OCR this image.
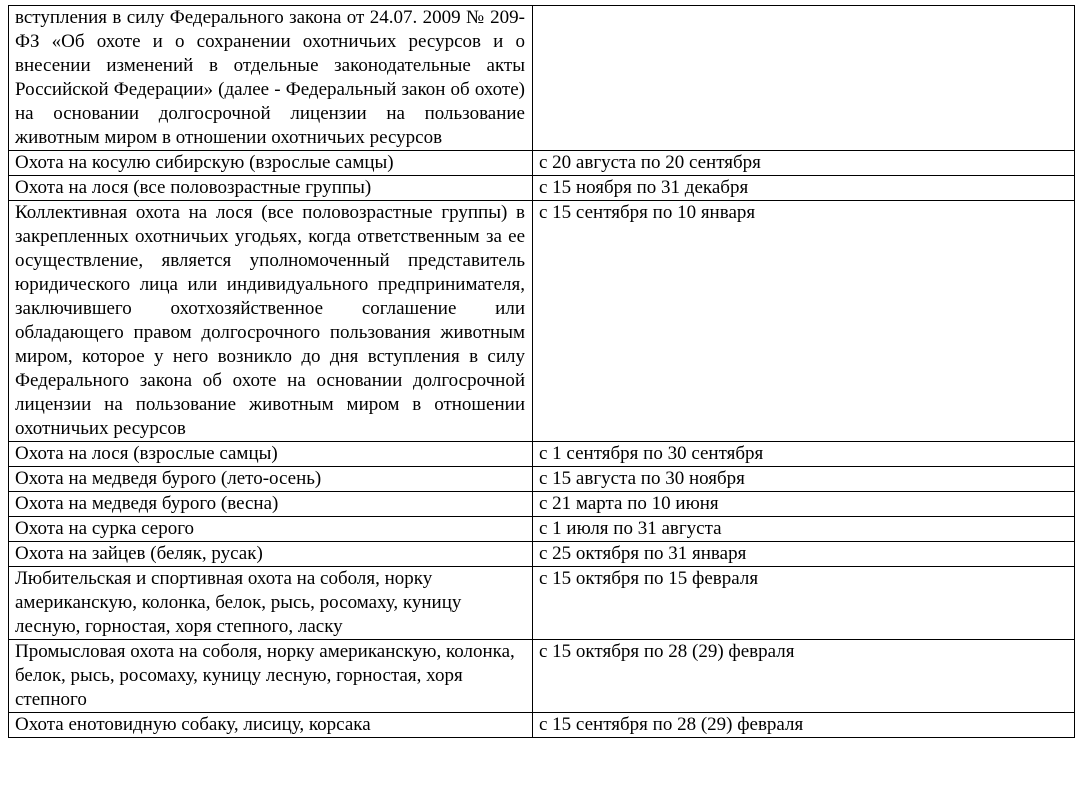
вступления в силу Федерального закона от 24.07. 2009 № 209-ФЗ «Об охоте и о сохранении охотничьих ресурсов и о внесении изменений в отдельные законодательные акты Российской Федерации» (далее - Федеральный закон об охоте) на основании долгосрочной лицензии на пользование животным миром в отношении охотничьих ресурсов	
Охота на косулю сибирскую (взрослые самцы)	с 20 августа по 20 сентября
Охота на лося (все половозрастные группы)	с 15 ноября по 31 декабря
Коллективная охота на лося (все половозрастные группы) в закрепленных охотничьих угодьях, когда ответственным за ее осуществление, является уполномоченный представитель юридического лица или индивидуального предпринимателя, заключившего охотхозяйственное соглашение или обладающего правом долгосрочного пользования животным миром, которое у него возникло до дня вступления в силу Федерального закона об охоте на основании долгосрочной лицензии на пользование животным миром в отношении охотничьих ресурсов	с 15 сентября по 10 января
Охота на лося (взрослые самцы)	с 1 сентября по 30 сентября
Охота на медведя бурого (лето-осень)	с 15 августа по 30 ноября
Охота на медведя бурого (весна)	с 21 марта по 10 июня
Охота на сурка серого	с 1 июля по 31 августа
Охота на зайцев (беляк, русак)	с 25 октября по 31 января
Любительская и спортивная охота на соболя, норку американскую, колонка, белок, рысь, росомаху, куницу лесную, горностая, хоря степного, ласку	с 15 октября по 15 февраля
Промысловая охота на соболя, норку американскую, колонка, белок, рысь, росомаху, куницу лесную, горностая, хоря степного	с 15 октября по 28 (29) февраля
Охота енотовидную собаку, лисицу, корсака	с 15 сентября по 28 (29) февраля
